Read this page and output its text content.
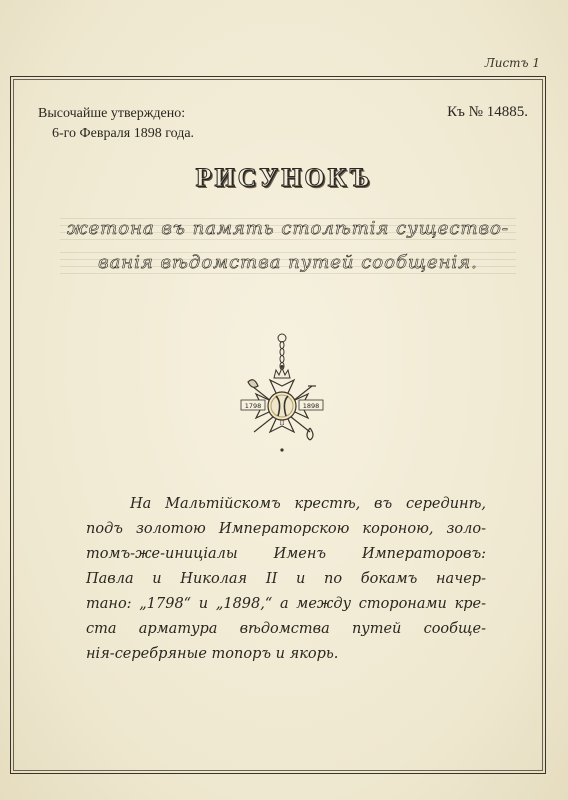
Листъ 1
Высочайше утверждено:
6-го Февраля 1898 года.
Къ № 14885.
РИСУНОКЪ
жетона въ память столѣтія существо-
ванія вѣдомства путей сообщенія.
II
1798	1898
На Мальтійскомъ крестѣ, въ серединѣ,
подъ золотою Императорскою короною, золо-
томъ-же-иниціалы Именъ Императоровъ:
Павла и Николая II и по бокамъ начер-
тано: „1798“ и „1898,“ а между сторонами кре-
ста арматура вѣдомства путей сообще-
нія-серебряные топоръ и якорь.
